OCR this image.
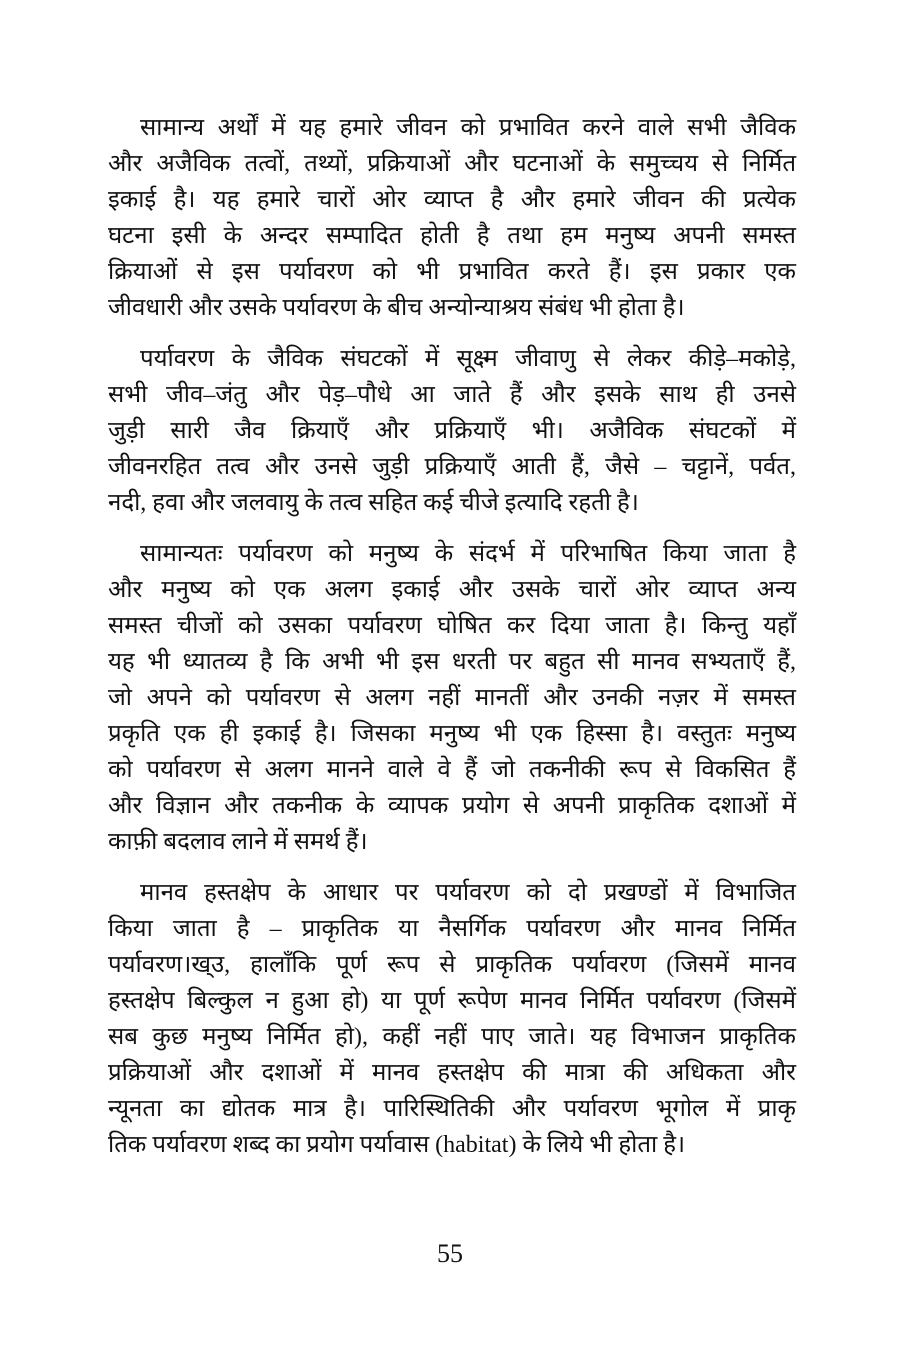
सामान्य अर्थों में यह हमारे जीवन को प्रभावित करने वाले सभी जैविक
और अजैविक तत्वों, तथ्यों, प्रक्रियाओं और घटनाओं के समुच्चय से निर्मित
इकाई है। यह हमारे चारों ओर व्याप्त है और हमारे जीवन की प्रत्येक
घटना इसी के अन्दर सम्पादित होती है तथा हम मनुष्य अपनी समस्त
क्रियाओं से इस पर्यावरण को भी प्रभावित करते हैं। इस प्रकार एक
जीवधारी और उसके पर्यावरण के बीच अन्योन्याश्रय संबंध भी होता है।

पर्यावरण के जैविक संघटकों में सूक्ष्म जीवाणु से लेकर कीड़े–मकोड़े,
सभी जीव–जंतु और पेड़–पौधे आ जाते हैं और इसके साथ ही उनसे
जुड़ी सारी जैव क्रियाएँ और प्रक्रियाएँ भी। अजैविक संघटकों में
जीवनरहित तत्व और उनसे जुड़ी प्रक्रियाएँ आती हैं, जैसे – चट्टानें, पर्वत,
नदी, हवा और जलवायु के तत्व सहित कई चीजे इत्यादि रहती है।

सामान्यतः पर्यावरण को मनुष्य के संदर्भ में परिभाषित किया जाता है
और मनुष्य को एक अलग इकाई और उसके चारों ओर व्याप्त अन्य
समस्त चीजों को उसका पर्यावरण घोषित कर दिया जाता है। किन्तु यहाँ
यह भी ध्यातव्य है कि अभी भी इस धरती पर बहुत सी मानव सभ्यताएँ हैं,
जो अपने को पर्यावरण से अलग नहीं मानतीं और उनकी नज़र में समस्त
प्रकृति एक ही इकाई है। जिसका मनुष्य भी एक हिस्सा है। वस्तुतः मनुष्य
को पर्यावरण से अलग मानने वाले वे हैं जो तकनीकी रूप से विकसित हैं
और विज्ञान और तकनीक के व्यापक प्रयोग से अपनी प्राकृतिक दशाओं में
काफ़ी बदलाव लाने में समर्थ हैं।

मानव हस्तक्षेप के आधार पर पर्यावरण को दो प्रखण्डों में विभाजित
किया जाता है – प्राकृतिक या नैसर्गिक पर्यावरण और मानव निर्मित
पर्यावरण।ख्उ, हालाँकि पूर्ण रूप से प्राकृतिक पर्यावरण (जिसमें मानव
हस्तक्षेप बिल्कुल न हुआ हो) या पूर्ण रूपेण मानव निर्मित पर्यावरण (जिसमें
सब कुछ मनुष्य निर्मित हो), कहीं नहीं पाए जाते। यह विभाजन प्राकृतिक
प्रक्रियाओं और दशाओं में मानव हस्तक्षेप की मात्रा की अधिकता और
न्यूनता का द्योतक मात्र है। पारिस्थितिकी और पर्यावरण भूगोल में प्राकृ
तिक पर्यावरण शब्द का प्रयोग पर्यावास (habitat) के लिये भी होता है।

55
